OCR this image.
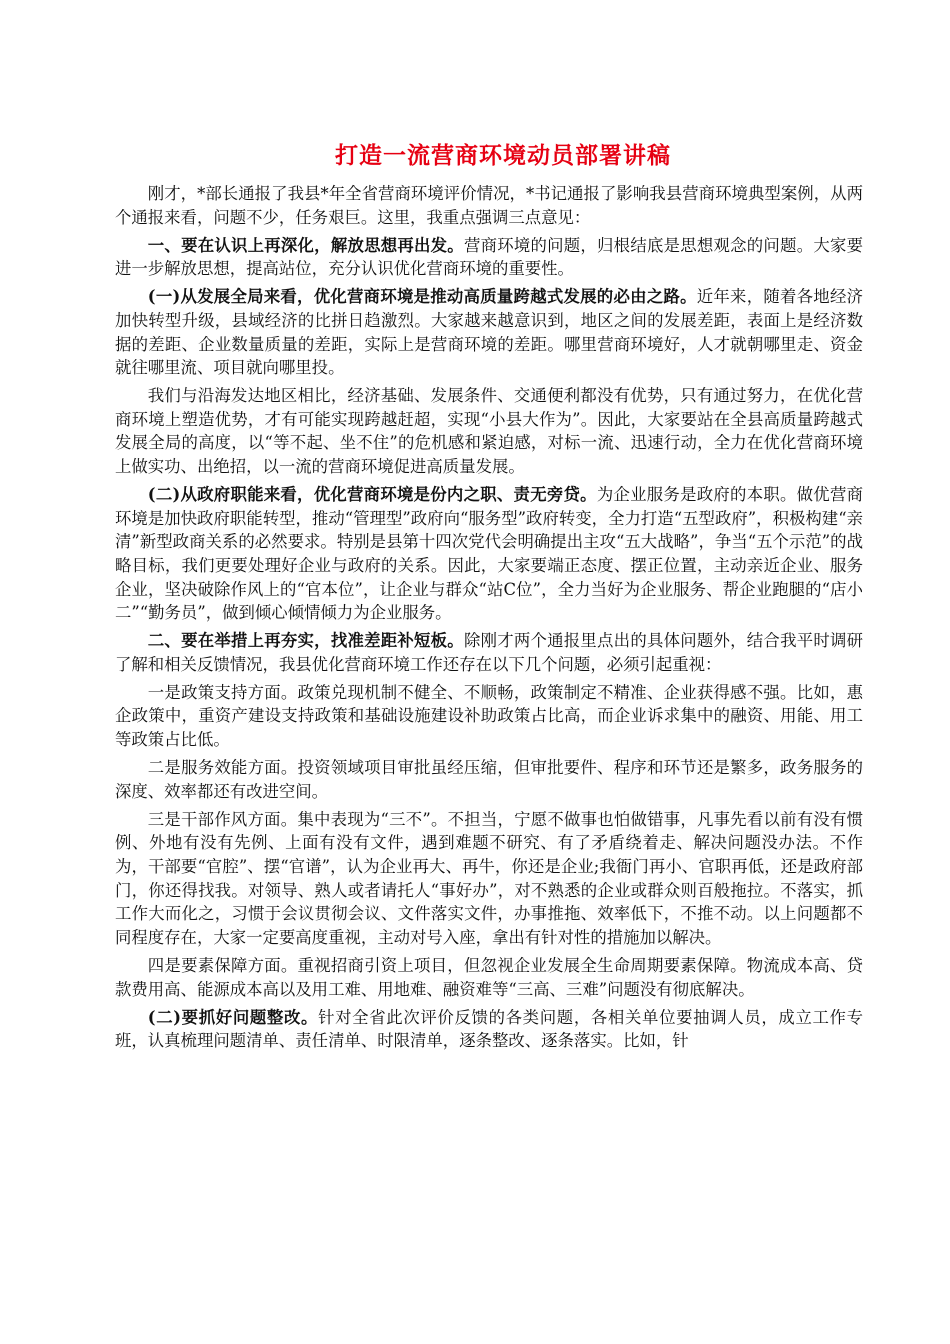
打造一流营商环境动员部署讲稿

刚才，*部长通报了我县*年全省营商环境评价情况，*书记通报了影响我县营商环境典型案例，从两个通报来看，问题不少，任务艰巨。这里，我重点强调三点意见：

一、要在认识上再深化，解放思想再出发。营商环境的问题，归根结底是思想观念的问题。大家要进一步解放思想，提高站位，充分认识优化营商环境的重要性。

(一)从发展全局来看，优化营商环境是推动高质量跨越式发展的必由之路。近年来，随着各地经济加快转型升级，县域经济的比拼日趋激烈。大家越来越意识到，地区之间的发展差距，表面上是经济数据的差距、企业数量质量的差距，实际上是营商环境的差距。哪里营商环境好，人才就朝哪里走、资金就往哪里流、项目就向哪里投。

我们与沿海发达地区相比，经济基础、发展条件、交通便利都没有优势，只有通过努力，在优化营商环境上塑造优势，才有可能实现跨越赶超，实现“小县大作为”。因此，大家要站在全县高质量跨越式发展全局的高度，以“等不起、坐不住”的危机感和紧迫感，对标一流、迅速行动，全力在优化营商环境上做实功、出绝招，以一流的营商环境促进高质量发展。

(二)从政府职能来看，优化营商环境是份内之职、责无旁贷。为企业服务是政府的本职。做优营商环境是加快政府职能转型，推动“管理型”政府向“服务型”政府转变，全力打造“五型政府”，积极构建“亲清”新型政商关系的必然要求。特别是县第十四次党代会明确提出主攻“五大战略”，争当“五个示范”的战略目标，我们更要处理好企业与政府的关系。因此，大家要端正态度、摆正位置，主动亲近企业、服务企业，坚决破除作风上的“官本位”，让企业与群众“站C位”，全力当好为企业服务、帮企业跑腿的“店小二”“勤务员”，做到倾心倾情倾力为企业服务。

二、要在举措上再夯实，找准差距补短板。除刚才两个通报里点出的具体问题外，结合我平时调研了解和相关反馈情况，我县优化营商环境工作还存在以下几个问题，必须引起重视：

一是政策支持方面。政策兑现机制不健全、不顺畅，政策制定不精准、企业获得感不强。比如，惠企政策中，重资产建设支持政策和基础设施建设补助政策占比高，而企业诉求集中的融资、用能、用工等政策占比低。

二是服务效能方面。投资领域项目审批虽经压缩，但审批要件、程序和环节还是繁多，政务服务的深度、效率都还有改进空间。

三是干部作风方面。集中表现为“三不”。不担当，宁愿不做事也怕做错事，凡事先看以前有没有惯例、外地有没有先例、上面有没有文件，遇到难题不研究、有了矛盾绕着走、解决问题没办法。不作为，干部要“官腔”、摆“官谱”，认为企业再大、再牛，你还是企业;我衙门再小、官职再低，还是政府部门，你还得找我。对领导、熟人或者请托人“事好办”，对不熟悉的企业或群众则百般拖拉。不落实，抓工作大而化之，习惯于会议贯彻会议、文件落实文件，办事推拖、效率低下，不推不动。以上问题都不同程度存在，大家一定要高度重视，主动对号入座，拿出有针对性的措施加以解决。

四是要素保障方面。重视招商引资上项目，但忽视企业发展全生命周期要素保障。物流成本高、贷款费用高、能源成本高以及用工难、用地难、融资难等“三高、三难”问题没有彻底解决。

(二)要抓好问题整改。针对全省此次评价反馈的各类问题，各相关单位要抽调人员，成立工作专班，认真梳理问题清单、责任清单、时限清单，逐条整改、逐条落实。比如，针
